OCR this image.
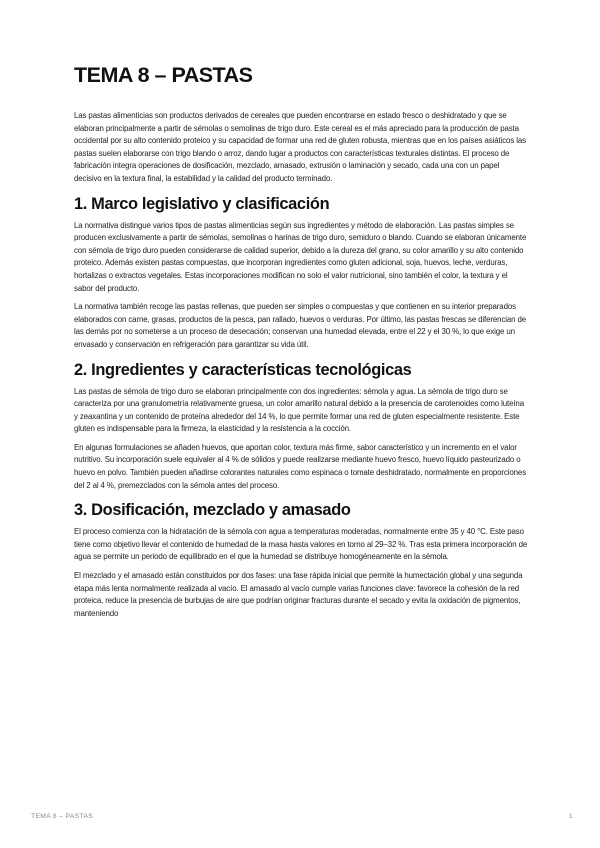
TEMA 8 – PASTAS

Las pastas alimenticias son productos derivados de cereales que pueden encontrarse en estado fresco o deshidratado y que se elaboran principalmente a partir de sémolas o semolinas de trigo duro. Este cereal es el más apreciado para la producción de pasta occidental por su alto contenido proteico y su capacidad de formar una red de gluten robusta, mientras que en los países asiáticos las pastas suelen elaborarse con trigo blando o arroz, dando lugar a productos con características texturales distintas. El proceso de fabricación integra operaciones de dosificación, mezclado, amasado, extrusión o laminación y secado, cada una con un papel decisivo en la textura final, la estabilidad y la calidad del producto terminado.

1. Marco legislativo y clasificación

La normativa distingue varios tipos de pastas alimenticias según sus ingredientes y método de elaboración. Las pastas simples se producen exclusivamente a partir de sémolas, semolinas o harinas de trigo duro, semiduro o blando. Cuando se elaboran únicamente con sémola de trigo duro pueden considerarse de calidad superior, debido a la dureza del grano, su color amarillo y su alto contenido proteico. Además existen pastas compuestas, que incorporan ingredientes como gluten adicional, soja, huevos, leche, verduras, hortalizas o extractos vegetales. Estas incorporaciones modifican no solo el valor nutricional, sino también el color, la textura y el sabor del producto.

La normativa también recoge las pastas rellenas, que pueden ser simples o compuestas y que contienen en su interior preparados elaborados con carne, grasas, productos de la pesca, pan rallado, huevos o verduras. Por último, las pastas frescas se diferencian de las demás por no someterse a un proceso de desecación; conservan una humedad elevada, entre el 22 y el 30 %, lo que exige un envasado y conservación en refrigeración para garantizar su vida útil.

2. Ingredientes y características tecnológicas

Las pastas de sémola de trigo duro se elaboran principalmente con dos ingredientes: sémola y agua. La sémola de trigo duro se caracteriza por una granulometría relativamente gruesa, un color amarillo natural debido a la presencia de carotenoides como luteína y zeaxantina y un contenido de proteína alrededor del 14 %, lo que permite formar una red de gluten especialmente resistente. Este gluten es indispensable para la firmeza, la elasticidad y la resistencia a la cocción.

En algunas formulaciones se añaden huevos, que aportan color, textura más firme, sabor característico y un incremento en el valor nutritivo. Su incorporación suele equivaler al 4 % de sólidos y puede realizarse mediante huevo fresco, huevo líquido pasteurizado o huevo en polvo. También pueden añadirse colorantes naturales como espinaca o tomate deshidratado, normalmente en proporciones del 2 al 4 %, premezclados con la sémola antes del proceso.

3. Dosificación, mezclado y amasado

El proceso comienza con la hidratación de la sémola con agua a temperaturas moderadas, normalmente entre 35 y 40 °C. Este paso tiene como objetivo llevar el contenido de humedad de la masa hasta valores en torno al 29–32 %. Tras esta primera incorporación de agua se permite un periodo de equilibrado en el que la humedad se distribuye homogéneamente en la sémola.

El mezclado y el amasado están constituidos por dos fases: una fase rápida inicial que permite la humectación global y una segunda etapa más lenta normalmente realizada al vacío. El amasado al vacío cumple varias funciones clave: favorece la cohesión de la red proteica, reduce la presencia de burbujas de aire que podrían originar fracturas durante el secado y evita la oxidación de pigmentos, manteniendo

TEMA 8 – PASTAS	1
